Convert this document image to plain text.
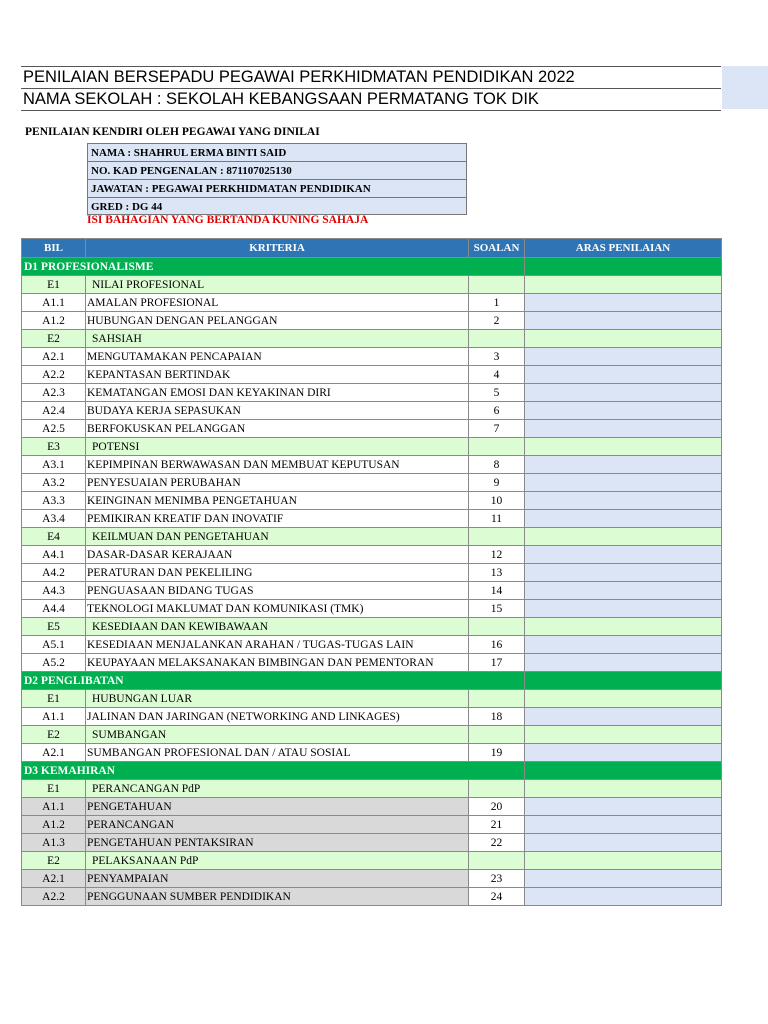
PENILAIAN BERSEPADU PEGAWAI PERKHIDMATAN PENDIDIKAN 2022
NAMA SEKOLAH : SEKOLAH KEBANGSAAN PERMATANG TOK DIK
PENILAIAN KENDIRI OLEH PEGAWAI YANG DINILAI
NAMA : SHAHRUL ERMA BINTI SAID
NO. KAD PENGENALAN : 871107025130
JAWATAN : PEGAWAI PERKHIDMATAN PENDIDIKAN
GRED : DG 44
ISI BAHAGIAN YANG BERTANDA KUNING SAHAJA
BIL	KRITERIA	SOALAN	ARAS PENILAIAN
D1 PROFESIONALISME			
E1	NILAI PROFESIONAL		
A1.1	AMALAN PROFESIONAL	1	
A1.2	HUBUNGAN DENGAN PELANGGAN	2	
E2	SAHSIAH		
A2.1	MENGUTAMAKAN PENCAPAIAN	3	
A2.2	KEPANTASAN BERTINDAK	4	
A2.3	KEMATANGAN EMOSI DAN KEYAKINAN DIRI	5	
A2.4	BUDAYA KERJA SEPASUKAN	6	
A2.5	BERFOKUSKAN PELANGGAN	7	
E3	POTENSI		
A3.1	KEPIMPINAN BERWAWASAN DAN MEMBUAT KEPUTUSAN	8	
A3.2	PENYESUAIAN PERUBAHAN	9	
A3.3	KEINGINAN MENIMBA PENGETAHUAN	10	
A3.4	PEMIKIRAN KREATIF DAN INOVATIF	11	
E4	KEILMUAN DAN PENGETAHUAN		
A4.1	DASAR-DASAR KERAJAAN	12	
A4.2	PERATURAN DAN PEKELILING	13	
A4.3	PENGUASAAN BIDANG TUGAS	14	
A4.4	TEKNOLOGI MAKLUMAT DAN KOMUNIKASI (TMK)	15	
E5	KESEDIAAN DAN KEWIBAWAAN		
A5.1	KESEDIAAN MENJALANKAN ARAHAN / TUGAS-TUGAS LAIN	16	
A5.2	KEUPAYAAN MELAKSANAKAN BIMBINGAN DAN PEMENTORAN	17	
D2 PENGLIBATAN			
E1	HUBUNGAN LUAR		
A1.1	JALINAN DAN JARINGAN (NETWORKING AND LINKAGES)	18	
E2	SUMBANGAN		
A2.1	SUMBANGAN PROFESIONAL DAN / ATAU SOSIAL	19	
D3 KEMAHIRAN			
E1	PERANCANGAN PdP		
A1.1	PENGETAHUAN	20	
A1.2	PERANCANGAN	21	
A1.3	PENGETAHUAN PENTAKSIRAN	22	
E2	PELAKSANAAN PdP		
A2.1	PENYAMPAIAN	23	
A2.2	PENGGUNAAN SUMBER PENDIDIKAN	24	
